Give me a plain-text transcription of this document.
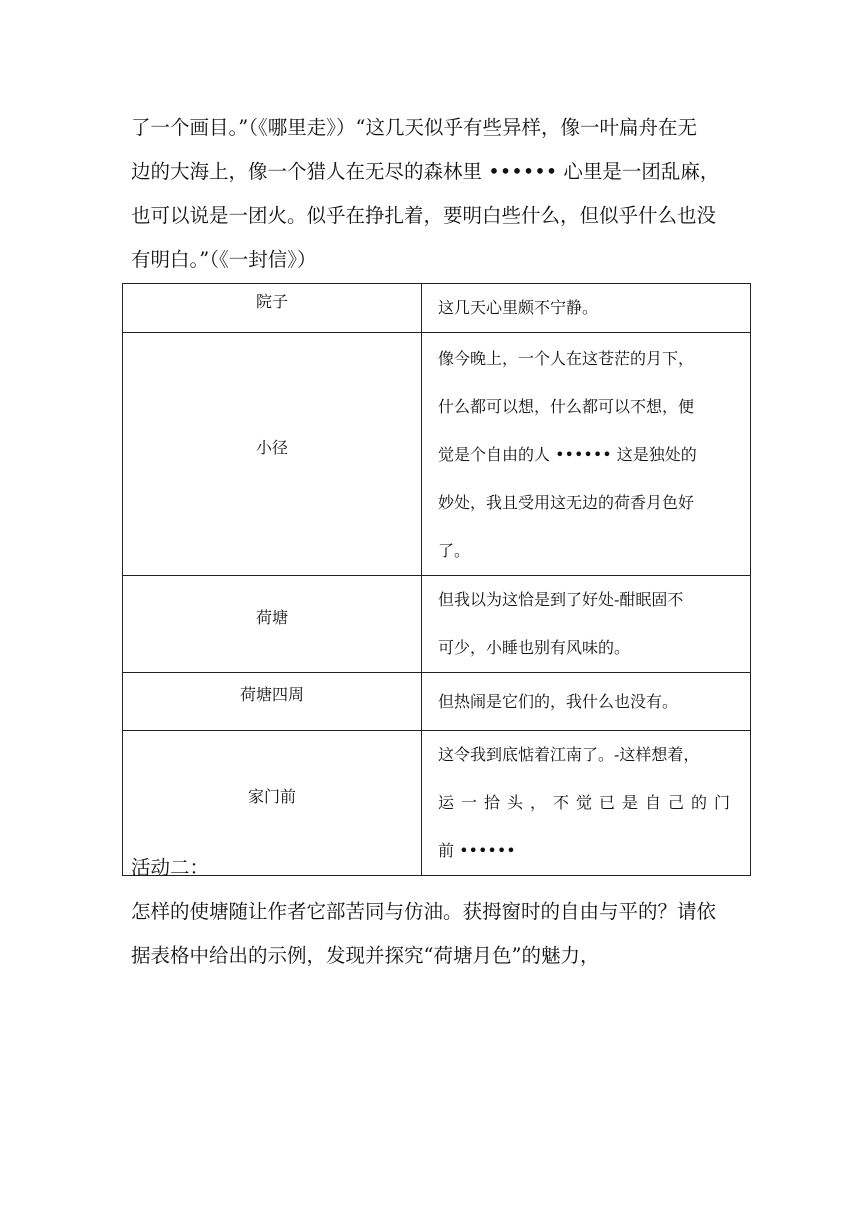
了一个画目。”（《哪里走》）“这几天似乎有些异样，像一叶扁舟在无
边的大海上，像一个猎人在无尽的森林里 •••••• 心里是一团乱麻，
也可以说是一团火。似乎在挣扎着，要明白些什么，但似乎什么也没
有明白。”（《一封信》）
院子	这几天心里颇不宁静。

小径	像今晚上，一个人在这苍茫的月下，
什么都可以想，什么都可以不想，便
觉是个自由的人 •••••• 这是独处的
妙处，我且受用这无边的荷香月色好
了。

荷塘	但我以为这恰是到了好处-酣眠固不
可少，小睡也别有风味的。

荷塘四周	但热闹是它们的，我什么也没有。

家门前	这令我到底惦着江南了。-这样想着，
运一拾头，不觉已是自己的门
前 ••••••
活动二：
怎样的使塘随让作者它部苦同与仿油。获拇窗时的自由与平的？请依
据表格中给出的示例，发现并探究“荷塘月色”的魅力，
